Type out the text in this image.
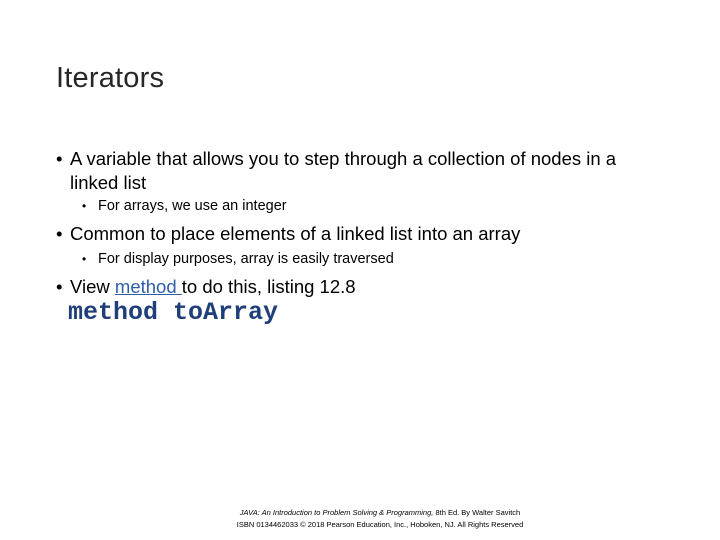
Iterators
• A variable that allows you to step through a collection of nodes in a linked list
• For arrays, we use an integer
• Common to place elements of a linked list into an array
• For display purposes, array is easily traversed
• View method to do this, listing 12.8
method toArray
JAVA: An Introduction to Problem Solving & Programming, 8th Ed. By Walter Savitch
ISBN 0134462033 © 2018 Pearson Education, Inc., Hoboken, NJ. All Rights Reserved
